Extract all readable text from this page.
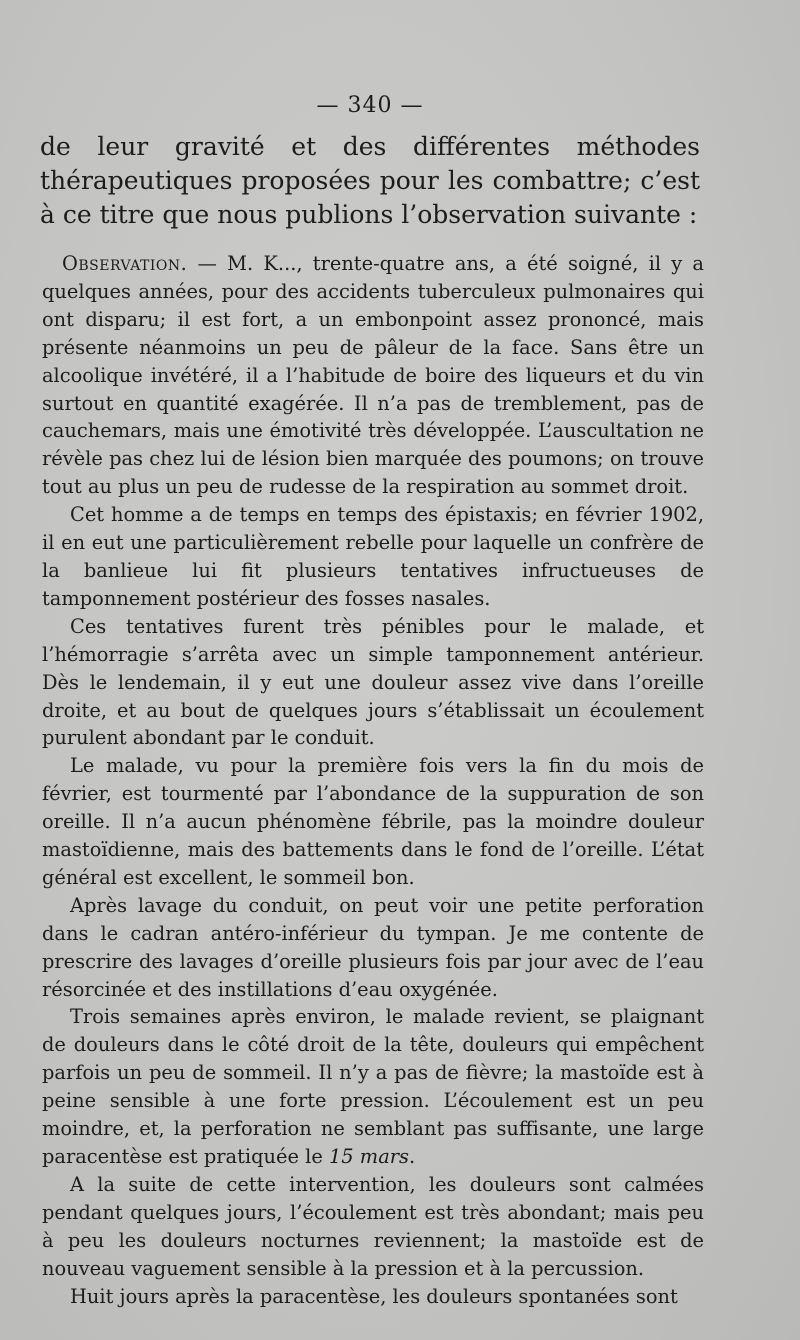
— 340 —

de leur gravité et des différentes méthodes thérapeutiques proposées pour les combattre; c’est à ce titre que nous publions l’observation suivante :

Observation. — M. K..., trente-quatre ans, a été soigné, il y a quelques années, pour des accidents tuberculeux pulmonaires qui ont disparu; il est fort, a un embonpoint assez prononcé, mais présente néanmoins un peu de pâleur de la face. Sans être un alcoolique invétéré, il a l’habitude de boire des liqueurs et du vin surtout en quantité exagérée. Il n’a pas de tremblement, pas de cauchemars, mais une émotivité très développée. L’auscultation ne révèle pas chez lui de lésion bien marquée des poumons; on trouve tout au plus un peu de rudesse de la respiration au sommet droit.

Cet homme a de temps en temps des épistaxis; en février 1902, il en eut une particulièrement rebelle pour laquelle un confrère de la banlieue lui fit plusieurs tentatives infructueuses de tamponnement postérieur des fosses nasales.

Ces tentatives furent très pénibles pour le malade, et l’hémorragie s’arrêta avec un simple tamponnement antérieur. Dès le lendemain, il y eut une douleur assez vive dans l’oreille droite, et au bout de quelques jours s’établissait un écoulement purulent abondant par le conduit.

Le malade, vu pour la première fois vers la fin du mois de février, est tourmenté par l’abondance de la suppuration de son oreille. Il n’a aucun phénomène fébrile, pas la moindre douleur mastoïdienne, mais des battements dans le fond de l’oreille. L’état général est excellent, le sommeil bon.

Après lavage du conduit, on peut voir une petite perforation dans le cadran antéro-inférieur du tympan. Je me contente de prescrire des lavages d’oreille plusieurs fois par jour avec de l’eau résorcinée et des instillations d’eau oxygénée.

Trois semaines après environ, le malade revient, se plaignant de douleurs dans le côté droit de la tête, douleurs qui empêchent parfois un peu de sommeil. Il n’y a pas de fièvre; la mastoïde est à peine sensible à une forte pression. L’écoulement est un peu moindre, et, la perforation ne semblant pas suffisante, une large paracentèse est pratiquée le 15 mars.

A la suite de cette intervention, les douleurs sont calmées pendant quelques jours, l’écoulement est très abondant; mais peu à peu les douleurs nocturnes reviennent; la mastoïde est de nouveau vaguement sensible à la pression et à la percussion.

Huit jours après la paracentèse, les douleurs spontanées sont
